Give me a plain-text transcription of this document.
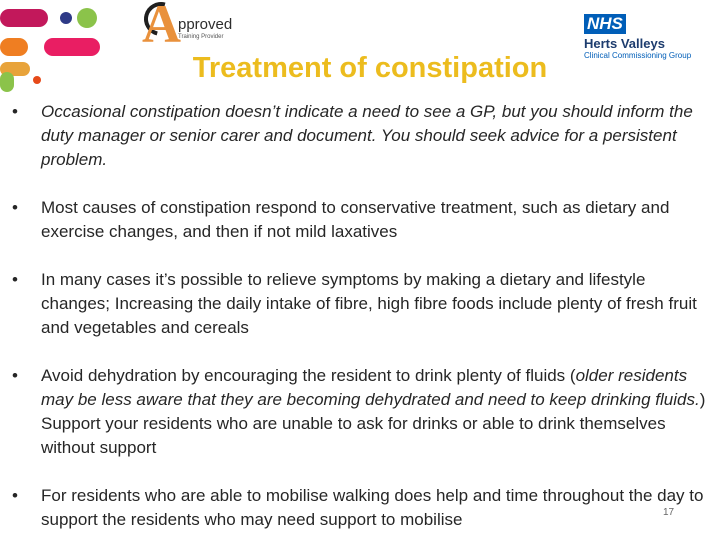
A
pproved
Training Provider
NHS
Herts Valleys
Clinical Commissioning Group
Treatment of constipation
• Occasional constipation doesn’t indicate a need to see a GP, but you should inform the duty manager or senior carer and document. You should seek advice for a persistent problem.
• Most causes of constipation respond to conservative treatment, such as dietary and exercise changes, and then if not mild laxatives
• In many cases it’s possible to relieve symptoms by making a dietary and lifestyle changes; Increasing the daily intake of fibre, high fibre foods include plenty of fresh fruit and vegetables and cereals
• Avoid dehydration by encouraging the resident to drink plenty of fluids (older residents may be less aware that they are becoming dehydrated and need to keep drinking fluids.) Support your residents who are unable to ask for drinks or able to drink themselves without support
• For residents who are able to mobilise walking does help and time throughout the day to support the residents who may need support to mobilise	17
